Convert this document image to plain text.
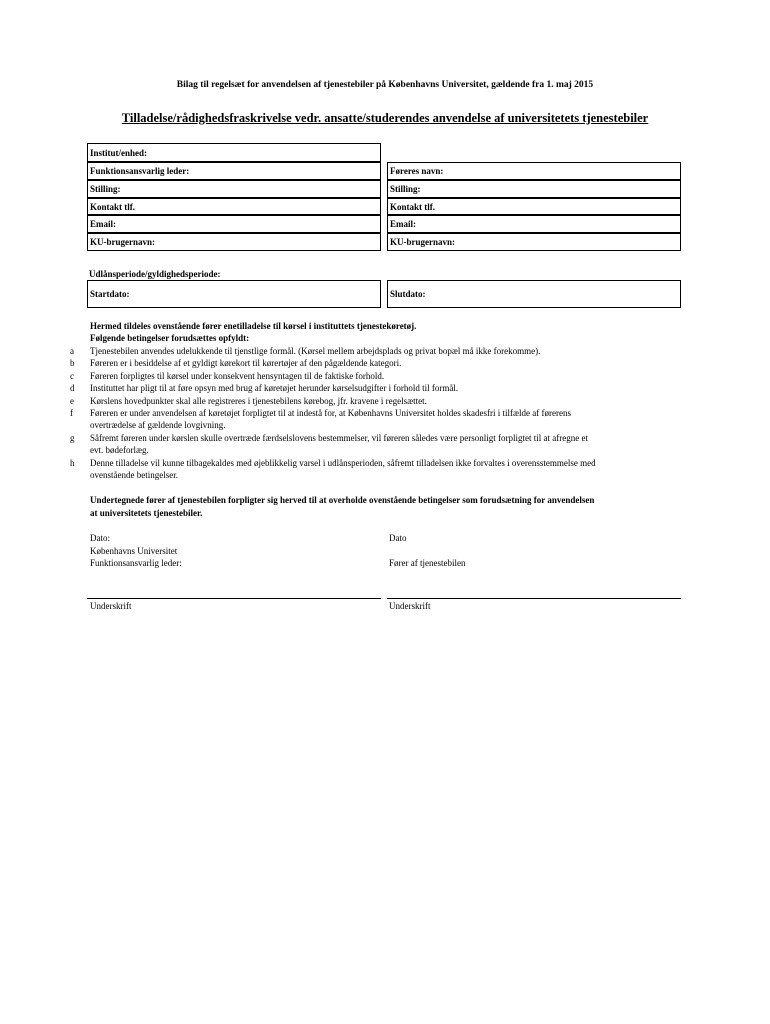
Bilag til regelsæt for anvendelsen af tjenestebiler på Københavns Universitet, gældende fra 1. maj 2015
Tilladelse/rådighedsfraskrivelse vedr. ansatte/studerendes anvendelse af universitetets tjenestebiler
Institut/enhed:
Funktionsansvarlig leder:
Stilling:
Kontakt tlf.
Email:
KU-brugernavn:
Føreres navn:
Stilling:
Kontakt tlf.
Email:
KU-brugernavn:
Udlånsperiode/gyldighedsperiode:
Startdato:	Slutdato:
Hermed tildeles ovenstående fører enetilladelse til kørsel i instituttets tjenestekøretøj.
Følgende betingelser forudsættes opfyldt:
a Tjenestebilen anvendes udelukkende til tjenstlige formål. (Kørsel mellem arbejdsplads og privat bopæl må ikke forekomme).
b Føreren er i besiddelse af et gyldigt kørekort til kørertøjer af den pågældende kategori.
c Føreren forpligtes til kørsel under konsekvent hensyntagen til de faktiske forhold.
d Instituttet har pligt til at føre opsyn med brug af køretøjet herunder kørselsudgifter i forhold til formål.
e Kørslens hovedpunkter skal alle registreres i tjenestebilens kørebog, jfr. kravene i regelsættet.
f Føreren er under anvendelsen af køretøjet forpligtet til at indestå for, at Københavns Universitet holdes skadesfri i tilfælde af førerens
overtrædelse af gældende lovgivning.
g Såfremt føreren under kørslen skulle overtræde færdselslovens bestemmelser, vil føreren således være personligt forpligtet til at afregne et
evt. bødeforlæg.
h Denne tilladelse vil kunne tilbagekaldes med øjeblikkelig varsel i udlånsperioden, såfremt tilladelsen ikke forvaltes i overensstemmelse med
ovenstående betingelser.
Undertegnede fører af tjenestebilen forpligter sig herved til at overholde ovenstående betingelser som forudsætning for anvendelsen
at universitetets tjenestebiler.
Dato:
Københavns Universitet
Funktionsansvarlig leder:
Underskrift
Dato
Fører af tjenestebilen
Underskrift
